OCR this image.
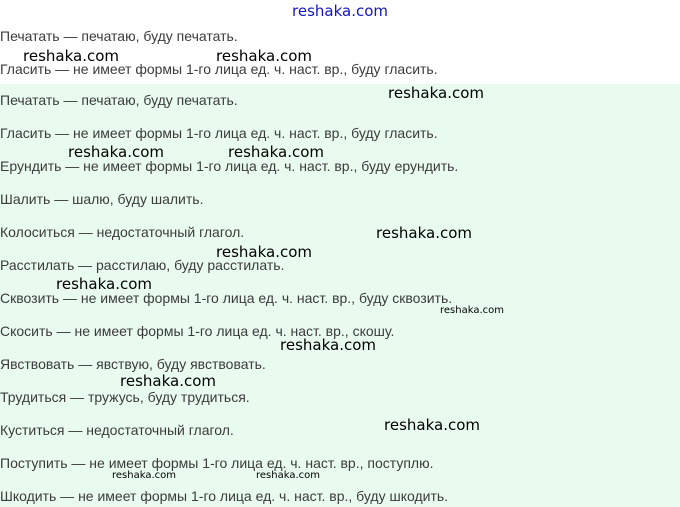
reshaka.com
Печатать — печатаю, буду печатать.
Гласить — не имеет формы 1-го лица ед. ч. наст. вр., буду гласить.
Печатать — печатаю, буду печатать.
Гласить — не имеет формы 1-го лица ед. ч. наст. вр., буду гласить.
Ерундить — не имеет формы 1-го лица ед. ч. наст. вр., буду ерундить.
Шалить — шалю, буду шалить.
Колоситься — недостаточный глагол.
Расстилать — расстилаю, буду расстилать.
Сквозить — не имеет формы 1-го лица ед. ч. наст. вр., буду сквозить.
Скосить — не имеет формы 1-го лица ед. ч. наст. вр., скошу.
Явствовать — явствую, буду явствовать.
Трудиться — тружусь, буду трудиться.
Куститься — недостаточный глагол.
Поступить — не имеет формы 1-го лица ед. ч. наст. вр., поступлю.
Шкодить — не имеет формы 1-го лица ед. ч. наст. вр., буду шкодить.
reshaka.com	reshaka.com
reshaka.com
reshaka.com	reshaka.com
reshaka.com
reshaka.com
reshaka.com
reshaka.com
reshaka.com
reshaka.com
reshaka.com
reshaka.com	reshaka.com
